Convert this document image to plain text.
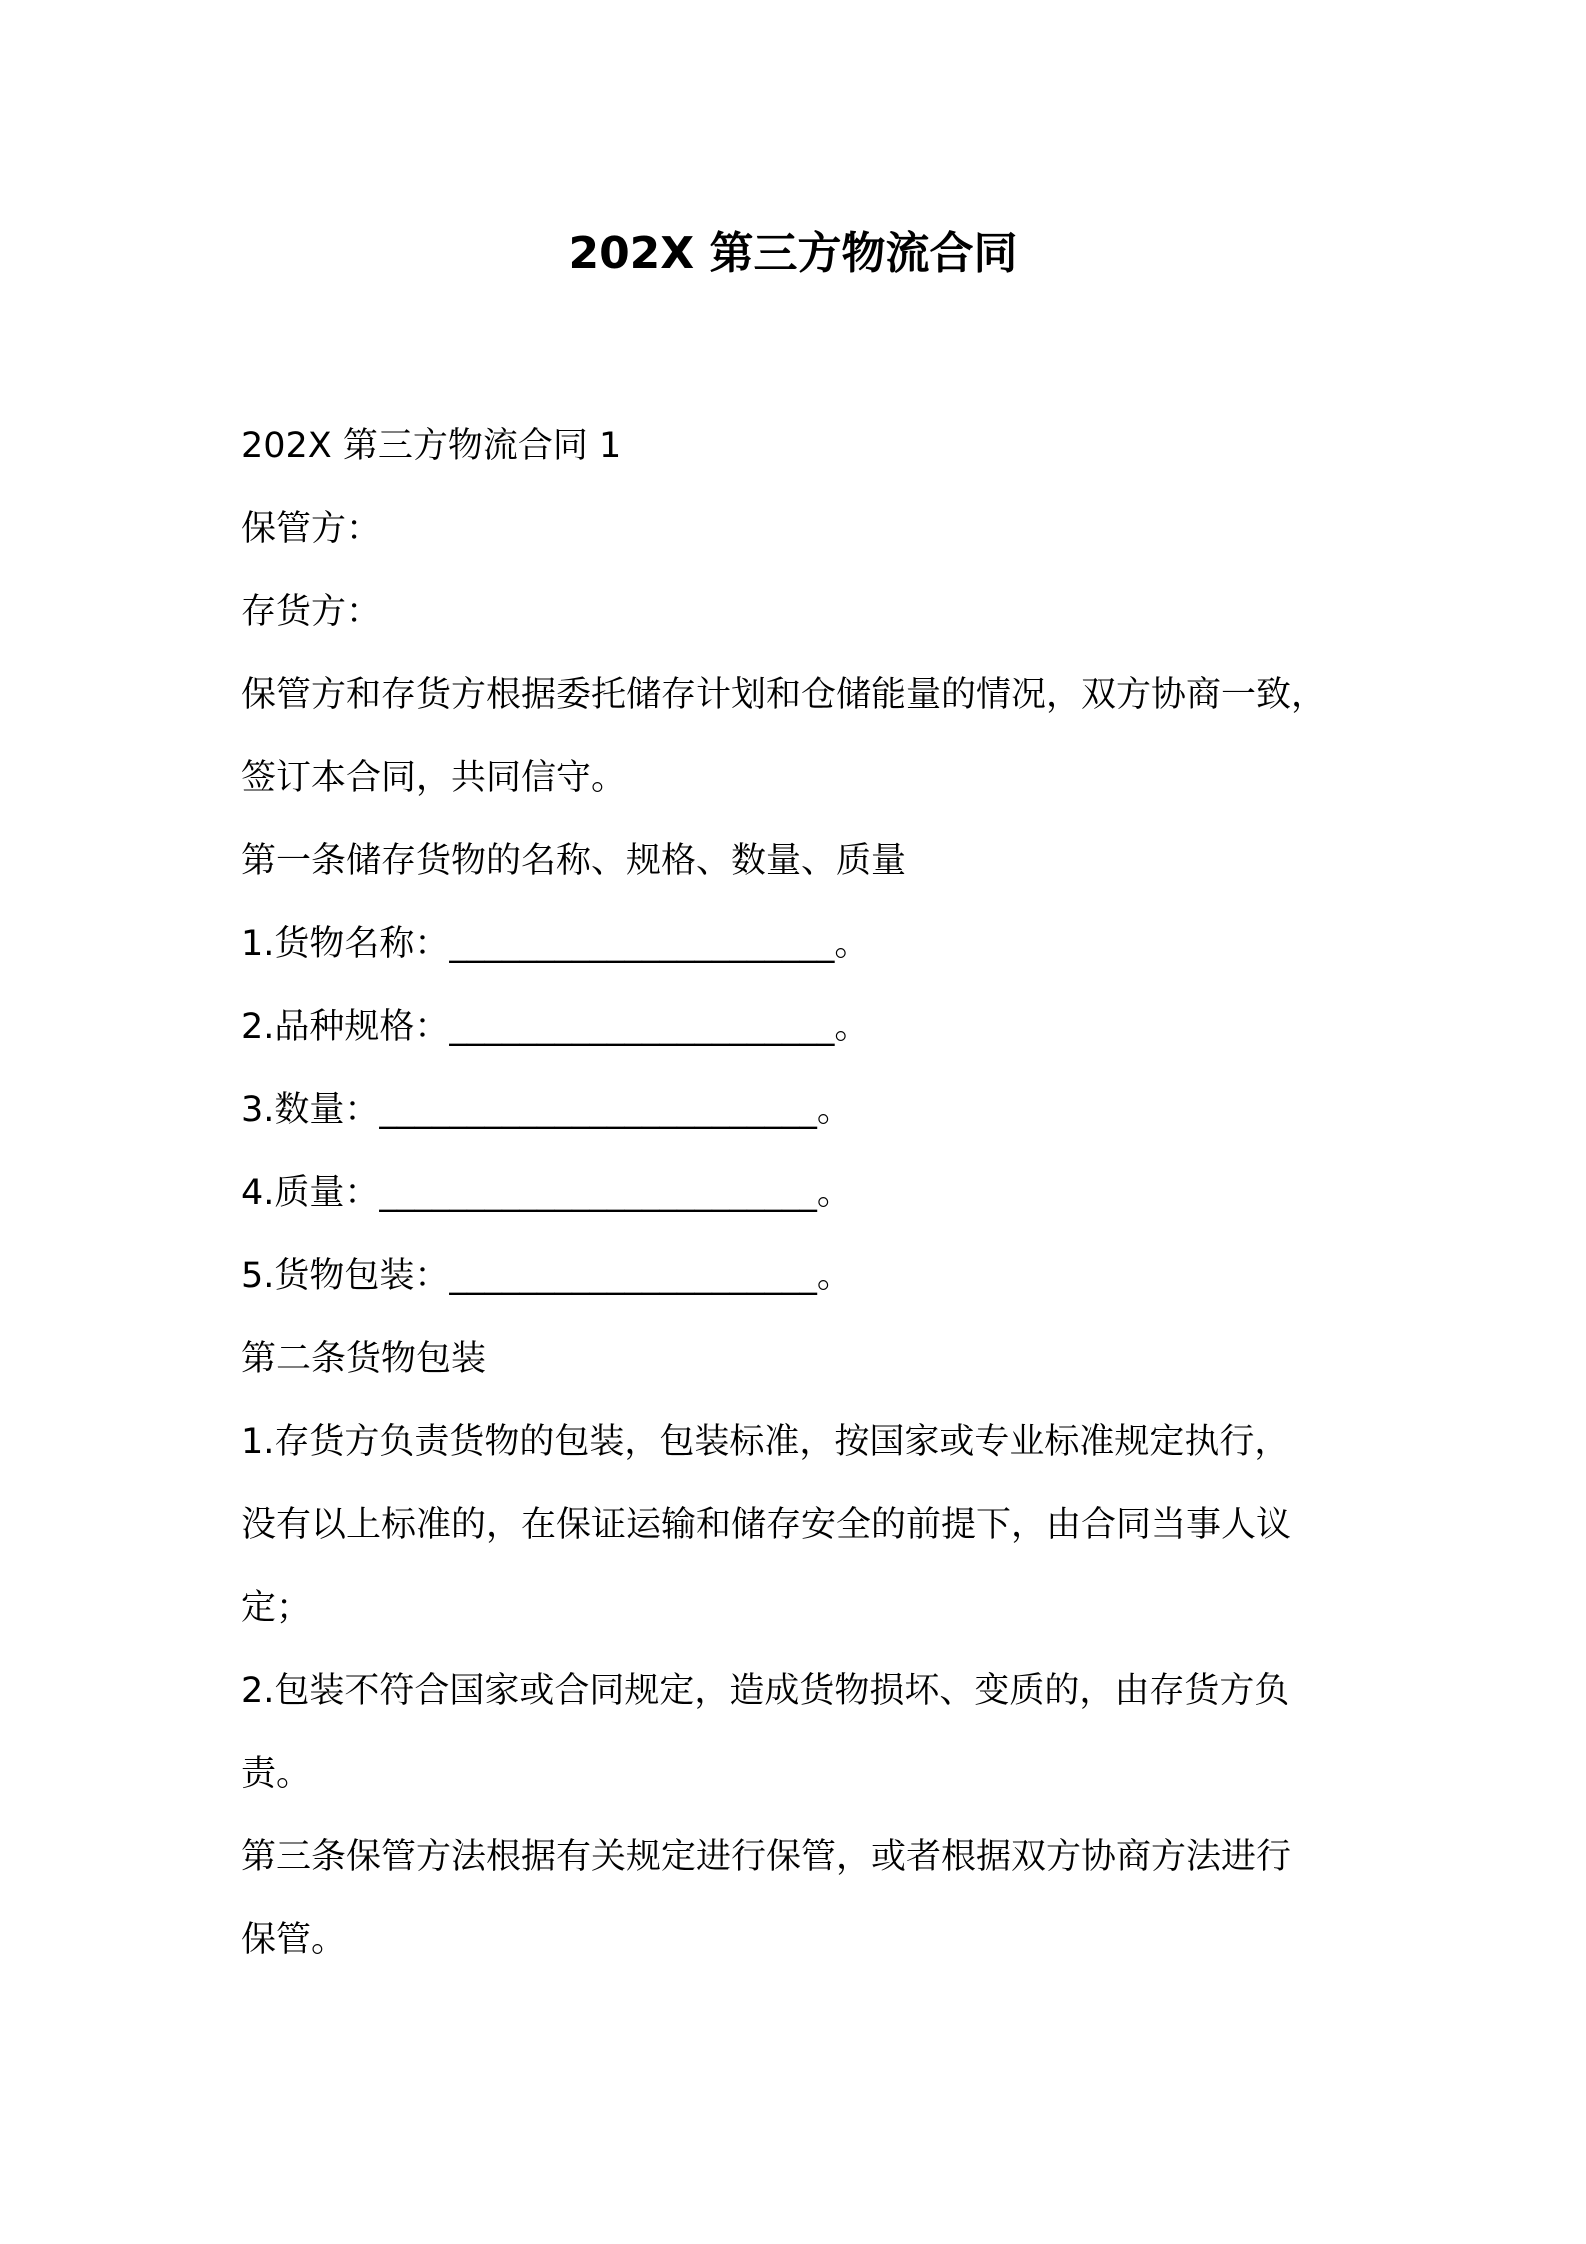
202X 第三方物流合同
202X 第三方物流合同 1
保管方：
存货方：
保管方和存货方根据委托储存计划和仓储能量的情况，双方协商一致，
签订本合同，共同信守。
第一条储存货物的名称、规格、数量、质量
1.货物名称：______________________。
2.品种规格：______________________。
3.数量：_________________________。
4.质量：_________________________。
5.货物包装：_____________________。
第二条货物包装
1.存货方负责货物的包装，包装标准，按国家或专业标准规定执行，
没有以上标准的，在保证运输和储存安全的前提下，由合同当事人议
定；
2.包装不符合国家或合同规定，造成货物损坏、变质的，由存货方负
责。
第三条保管方法根据有关规定进行保管，或者根据双方协商方法进行
保管。
